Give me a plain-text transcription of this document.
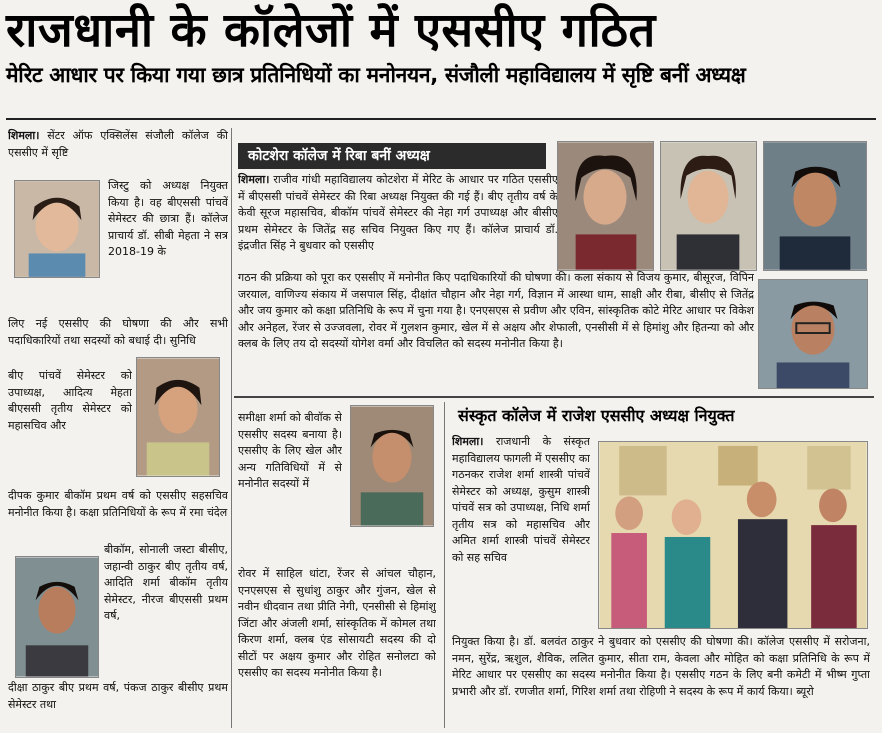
राजधानी के कॉलेजों में एससीए गठित
मेरिट आधार पर किया गया छात्र प्रतिनिधियों का मनोनयन, संजौली महाविद्यालय में सृष्टि बनीं अध्यक्ष
शिमला। सेंटर ऑफ एक्सिलेंस संजौली कॉलेज की एससीए में सृष्टि
जिस्टु को अध्यक्ष नियुक्त किया है। वह बीएससी पांचवें सेमेस्टर की छात्रा हैं। कॉलेज प्राचार्य डॉ. सीबी मेहता ने सत्र 2018-19 के
लिए नई एससीए की घोषणा की और सभी पदाधिकारियों तथा सदस्यों को बधाई दी। सुनिधि
बीए पांचवें सेमेस्टर को उपाध्यक्ष, आदित्य मेहता बीएससी तृतीय सेमेस्टर को महासचिव और
दीपक कुमार बीकॉम प्रथम वर्ष को एससीए सहसचिव मनोनीत किया है। कक्षा प्रतिनिधियों के रूप में रमा चंदेल
बीकॉम, सोनाली जस्टा बीसीए, जहान्वी ठाकुर बीए तृतीय वर्ष, आदिति शर्मा बीकॉम तृतीय सेमेस्टर, नीरज बीएससी प्रथम वर्ष,
दीक्षा ठाकुर बीए प्रथम वर्ष, पंकज ठाकुर बीसीए प्रथम सेमेस्टर तथा
कोटशेरा कॉलेज में रिबा बनीं अध्यक्ष
शिमला। राजीव गांधी महाविद्यालय कोटशेरा में मेरिट के आधार पर गठित एससीए में बीएससी पांचवें सेमेस्टर की रिबा अध्यक्ष नियुक्त की गई हैं। बीए तृतीय वर्ष के केवी सूरज महासचिव, बीकॉम पांचवें सेमेस्टर की नेहा गर्ग उपाध्यक्ष और बीसीए प्रथम सेमेस्टर के जितेंद्र सह सचिव नियुक्त किए गए हैं। कॉलेज प्राचार्य डॉ. इंद्रजीत सिंह ने बुधवार को एससीए
गठन की प्रक्रिया को पूरा कर एससीए में मनोनीत किए पदाधिकारियों की घोषणा की। कला संकाय से विजय कुमार, बीसूरज, विपिन जरयाल, वाणिज्य संकाय में जसपाल सिंह, दीक्षांत चौहान और नेहा गर्ग, विज्ञान में आस्था धाम, साक्षी और रीबा, बीसीए से जितेंद्र और जय कुमार को कक्षा प्रतिनिधि के रूप में चुना गया है। एनएसएस से प्रवीण और एविन, सांस्कृतिक कोटे मेरिट आधार पर विकेश और अनेहल, रेंजर से उज्जवला, रोवर में गुलशन कुमार, खेल में से अक्षय और शेफाली, एनसीसी में से हिमांशु और हितन्या को और क्लब के लिए तय दो सदस्यों योगेश वर्मा और विचलित को सदस्य मनोनीत किया है।
समीक्षा शर्मा को बीवॉक से एससीए सदस्य बनाया है। एससीए के लिए खेल और अन्य गतिविधियों में से मनोनीत सदस्यों में
रोवर में साहिल धांटा, रेंजर से आंचल चौहान, एनएसएस से सुधांशु ठाकुर और गुंजन, खेल से नवीन धीदवान तथा प्रीति नेगी, एनसीसी से हिमांशु जिंटा और अंजली शर्मा, सांस्कृतिक में कोमल तथा किरण शर्मा, क्लब एंड सोसायटी सदस्य की दो सीटों पर अक्षय कुमार और रोहित सनोलटा को एससीए का सदस्य मनोनीत किया है।
संस्कृत कॉलेज में राजेश एससीए अध्यक्ष नियुक्त
शिमला। राजधानी के संस्कृत महाविद्यालय फागली में एससीए का गठनकर राजेश शर्मा शास्त्री पांचवें सेमेस्टर को अध्यक्ष, कुसुम शास्त्री पांचवें सत्र को उपाध्यक्ष, निधि शर्मा तृतीय सत्र को महासचिव और अमित शर्मा शास्त्री पांचवें सेमेस्टर को सह सचिव
नियुक्त किया है। डॉ. बलवंत ठाकुर ने बुधवार को एससीए की घोषणा की। कॉलेज एससीए में सरोजना, नमन, सुरेंद्र, ऋशुल, शैविक, ललित कुमार, सीता राम, केवला और मोहित को कक्षा प्रतिनिधि के रूप में मेरिट आधार पर एससीए का सदस्य मनोनीत किया है। एससीए गठन के लिए बनी कमेटी में भीष्म गुप्ता प्रभारी और डॉ. रणजीत शर्मा, गिरिश शर्मा तथा रोहिणी ने सदस्य के रूप में कार्य किया। ब्यूरो
